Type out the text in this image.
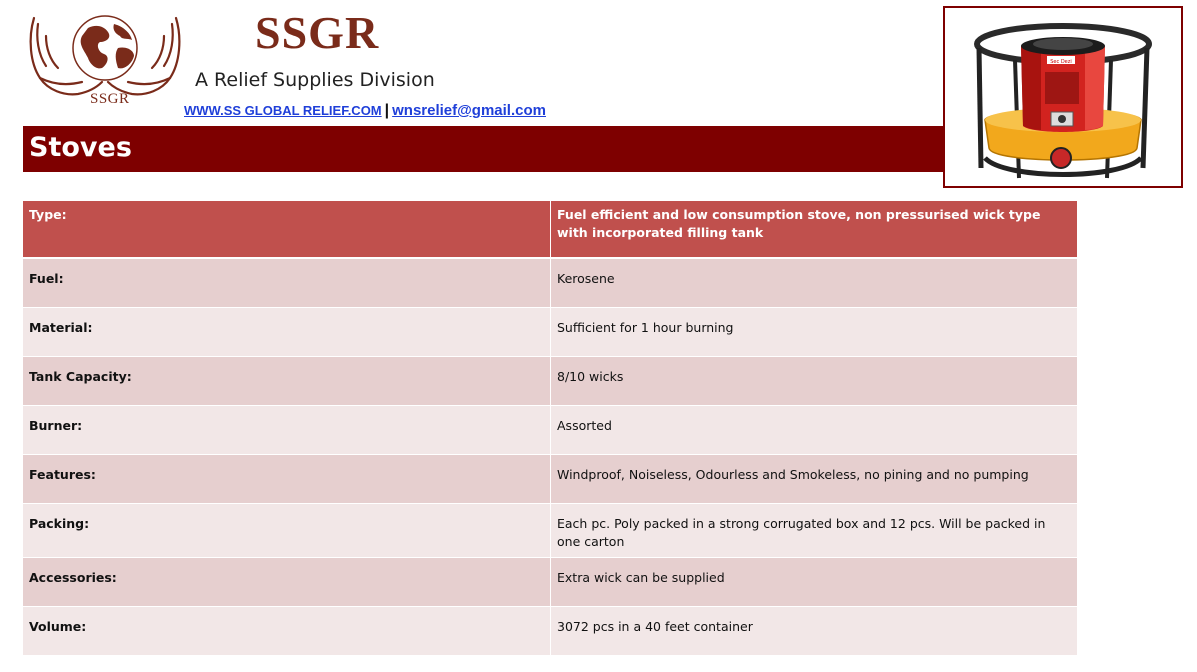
SSGR
SSGR
A Relief Supplies Division
WWW.SS GLOBAL RELIEF.COM | wnsrelief@gmail.com
Stoves
Sec Dezi
Type:	Fuel efficient and low consumption stove, non pressurised wick type with incorporated filling tank
Fuel:	Kerosene
Material:	Sufficient for 1 hour burning
Tank Capacity:	8/10 wicks
Burner:	Assorted
Features:	Windproof, Noiseless, Odourless and Smokeless, no pining and no pumping
Packing:	Each pc. Poly packed in a strong corrugated box and 12 pcs. Will be packed in one carton
Accessories:	Extra wick can be supplied
Volume:	3072 pcs in a 40 feet container
